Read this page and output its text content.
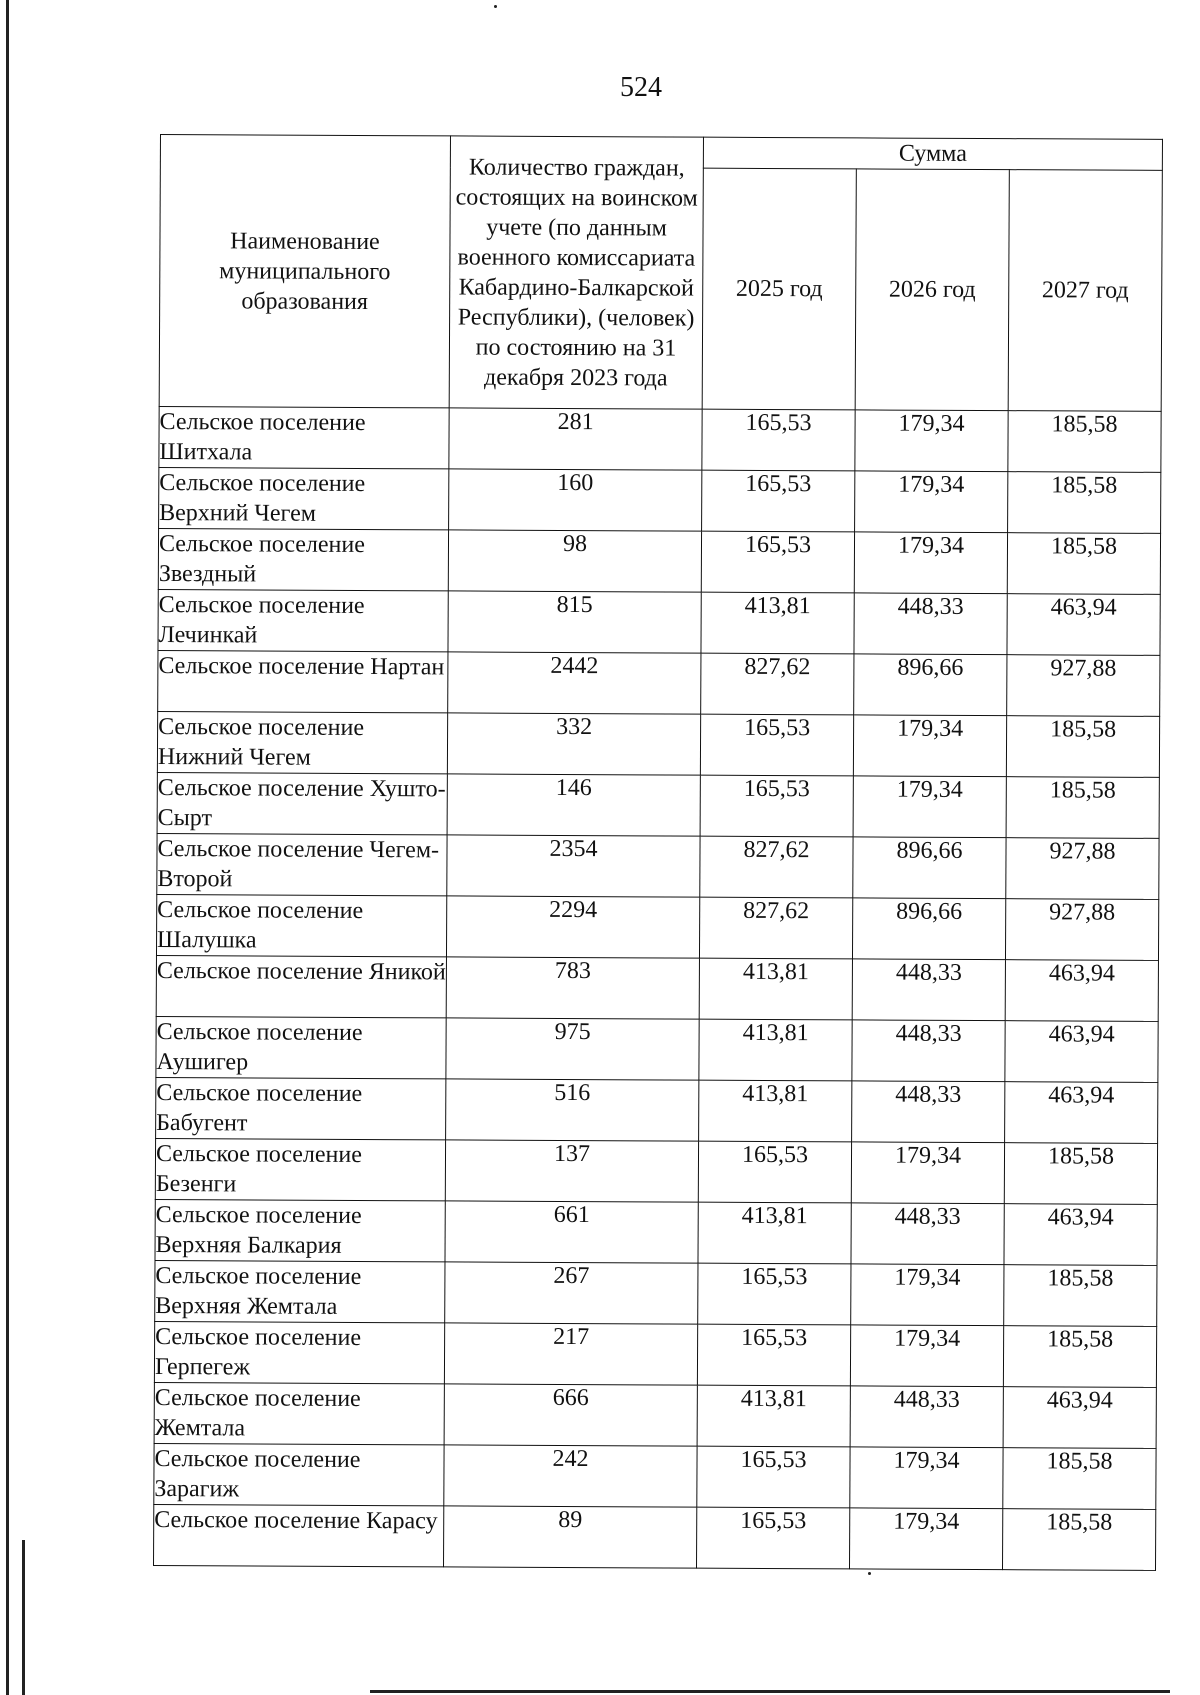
524
Наименование муниципального образования	Количество граждан, состоящих на воинском учете (по данным военного комиссариата Кабардино-Балкарской Республики), (человек) по состоянию на 31 декабря 2023 года	Сумма		
		2025 год	2026 год	2027 год
Сельское поселение Шитхала	281	165,53	179,34	185,58
Сельское поселение Верхний Чегем	160	165,53	179,34	185,58
Сельское поселение Звездный	98	165,53	179,34	185,58
Сельское поселение Лечинкай	815	413,81	448,33	463,94
Сельское поселение Нартан	2442	827,62	896,66	927,88
Сельское поселение Нижний Чегем	332	165,53	179,34	185,58
Сельское поселение Хушто-Сырт	146	165,53	179,34	185,58
Сельское поселение Чегем-Второй	2354	827,62	896,66	927,88
Сельское поселение Шалушка	2294	827,62	896,66	927,88
Сельское поселение Яникой	783	413,81	448,33	463,94
Сельское поселение Аушигер	975	413,81	448,33	463,94
Сельское поселение Бабугент	516	413,81	448,33	463,94
Сельское поселение Безенги	137	165,53	179,34	185,58
Сельское поселение Верхняя Балкария	661	413,81	448,33	463,94
Сельское поселение Верхняя Жемтала	267	165,53	179,34	185,58
Сельское поселение Герпегеж	217	165,53	179,34	185,58
Сельское поселение Жемтала	666	413,81	448,33	463,94
Сельское поселение Зарагиж	242	165,53	179,34	185,58
Сельское поселение Карасу	89	165,53	179,34	185,58
